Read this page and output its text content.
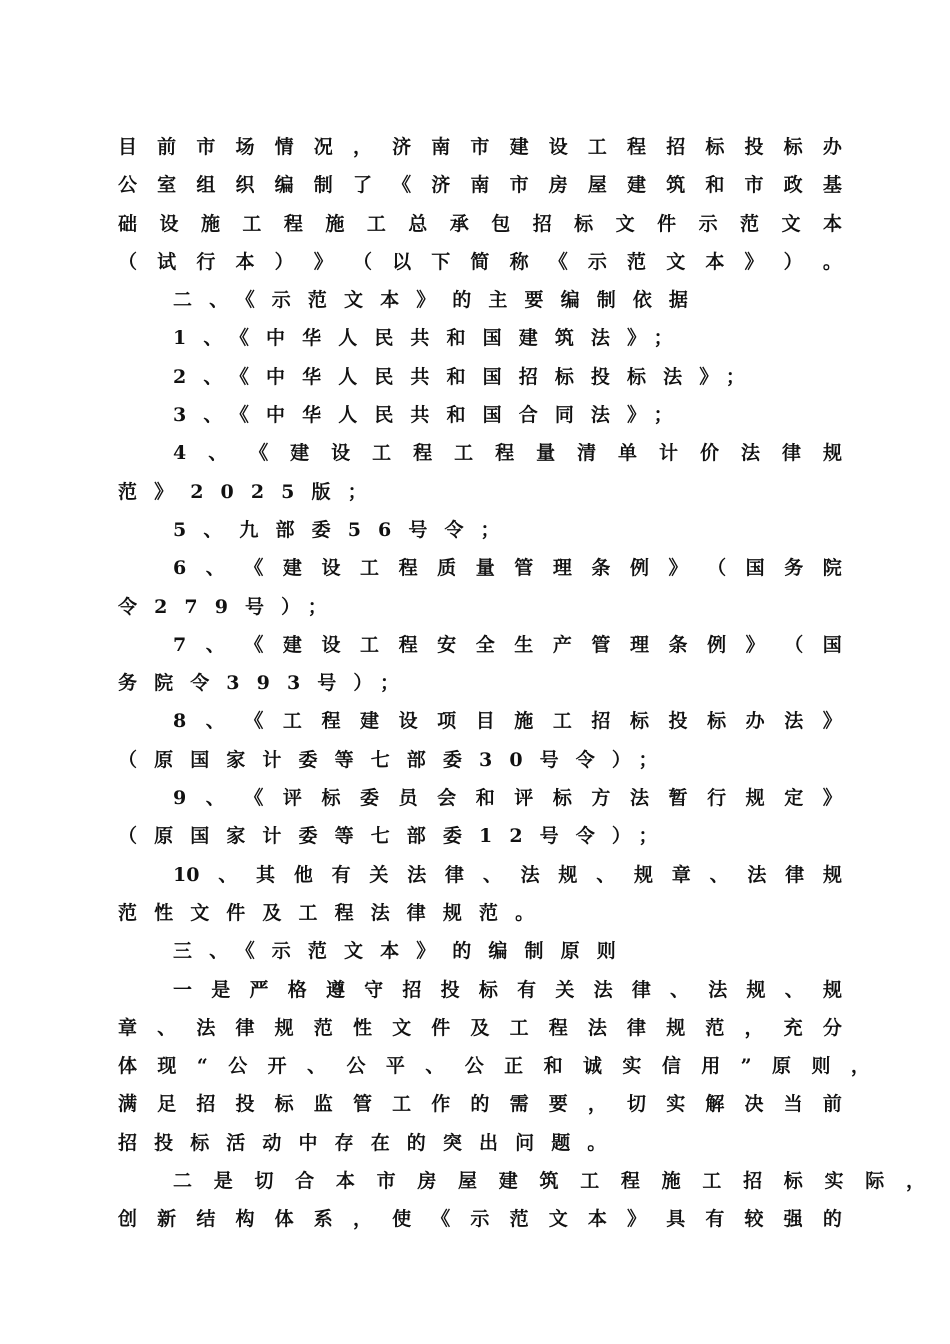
目 前 市 场 情 况 ， 济 南 市 建 设 工 程 招 标 投 标 办
公 室 组 织 编 制 了 《 济 南 市 房 屋 建 筑 和 市 政 基
础 设 施 工 程 施 工 总 承 包 招 标 文 件 示 范 文 本
（ 试 行 本 ） 》 （ 以 下 简 称 《 示 范 文 本 》 ） 。
二、《示范文本》的主要编制依据
1、《中华人民共和国建筑法》；
2、《中华人民共和国招标投标法》；
3、《中华人民共和国合同法》；
4 、 《 建 设 工 程 工 程 量 清 单 计 价 法 律 规
范》2025版；
5、九部委56号令；
6 、 《 建 设 工 程 质 量 管 理 条 例 》 （ 国 务 院
令279号）；
7 、 《 建 设 工 程 安 全 生 产 管 理 条 例 》 （ 国
务院令393号）；
8 、 《 工 程 建 设 项 目 施 工 招 标 投 标 办 法 》
（原国家计委等七部委30号令）；
9 、 《 评 标 委 员 会 和 评 标 方 法 暂 行 规 定 》
（原国家计委等七部委12号令）；
10 、 其 他 有 关 法 律 、 法 规 、 规 章 、 法 律 规
范性文件及工程法律规范。
三、《示范文本》的编制原则
一 是 严 格 遵 守 招 投 标 有 关 法 律 、 法 规 、 规
章 、 法 律 规 范 性 文 件 及 工 程 法 律 规 范 ， 充 分
体 现 “ 公 开 、 公 平 、 公 正 和 诚 实 信 用 ” 原 则 ，
满 足 招 投 标 监 管 工 作 的 需 要 ， 切 实 解 决 当 前
招投标活动中存在的突出问题。
二 是 切 合 本 市 房 屋 建 筑 工 程 施 工 招 标 实 际 ，
创 新 结 构 体 系 ， 使 《 示 范 文 本 》 具 有 较 强 的
